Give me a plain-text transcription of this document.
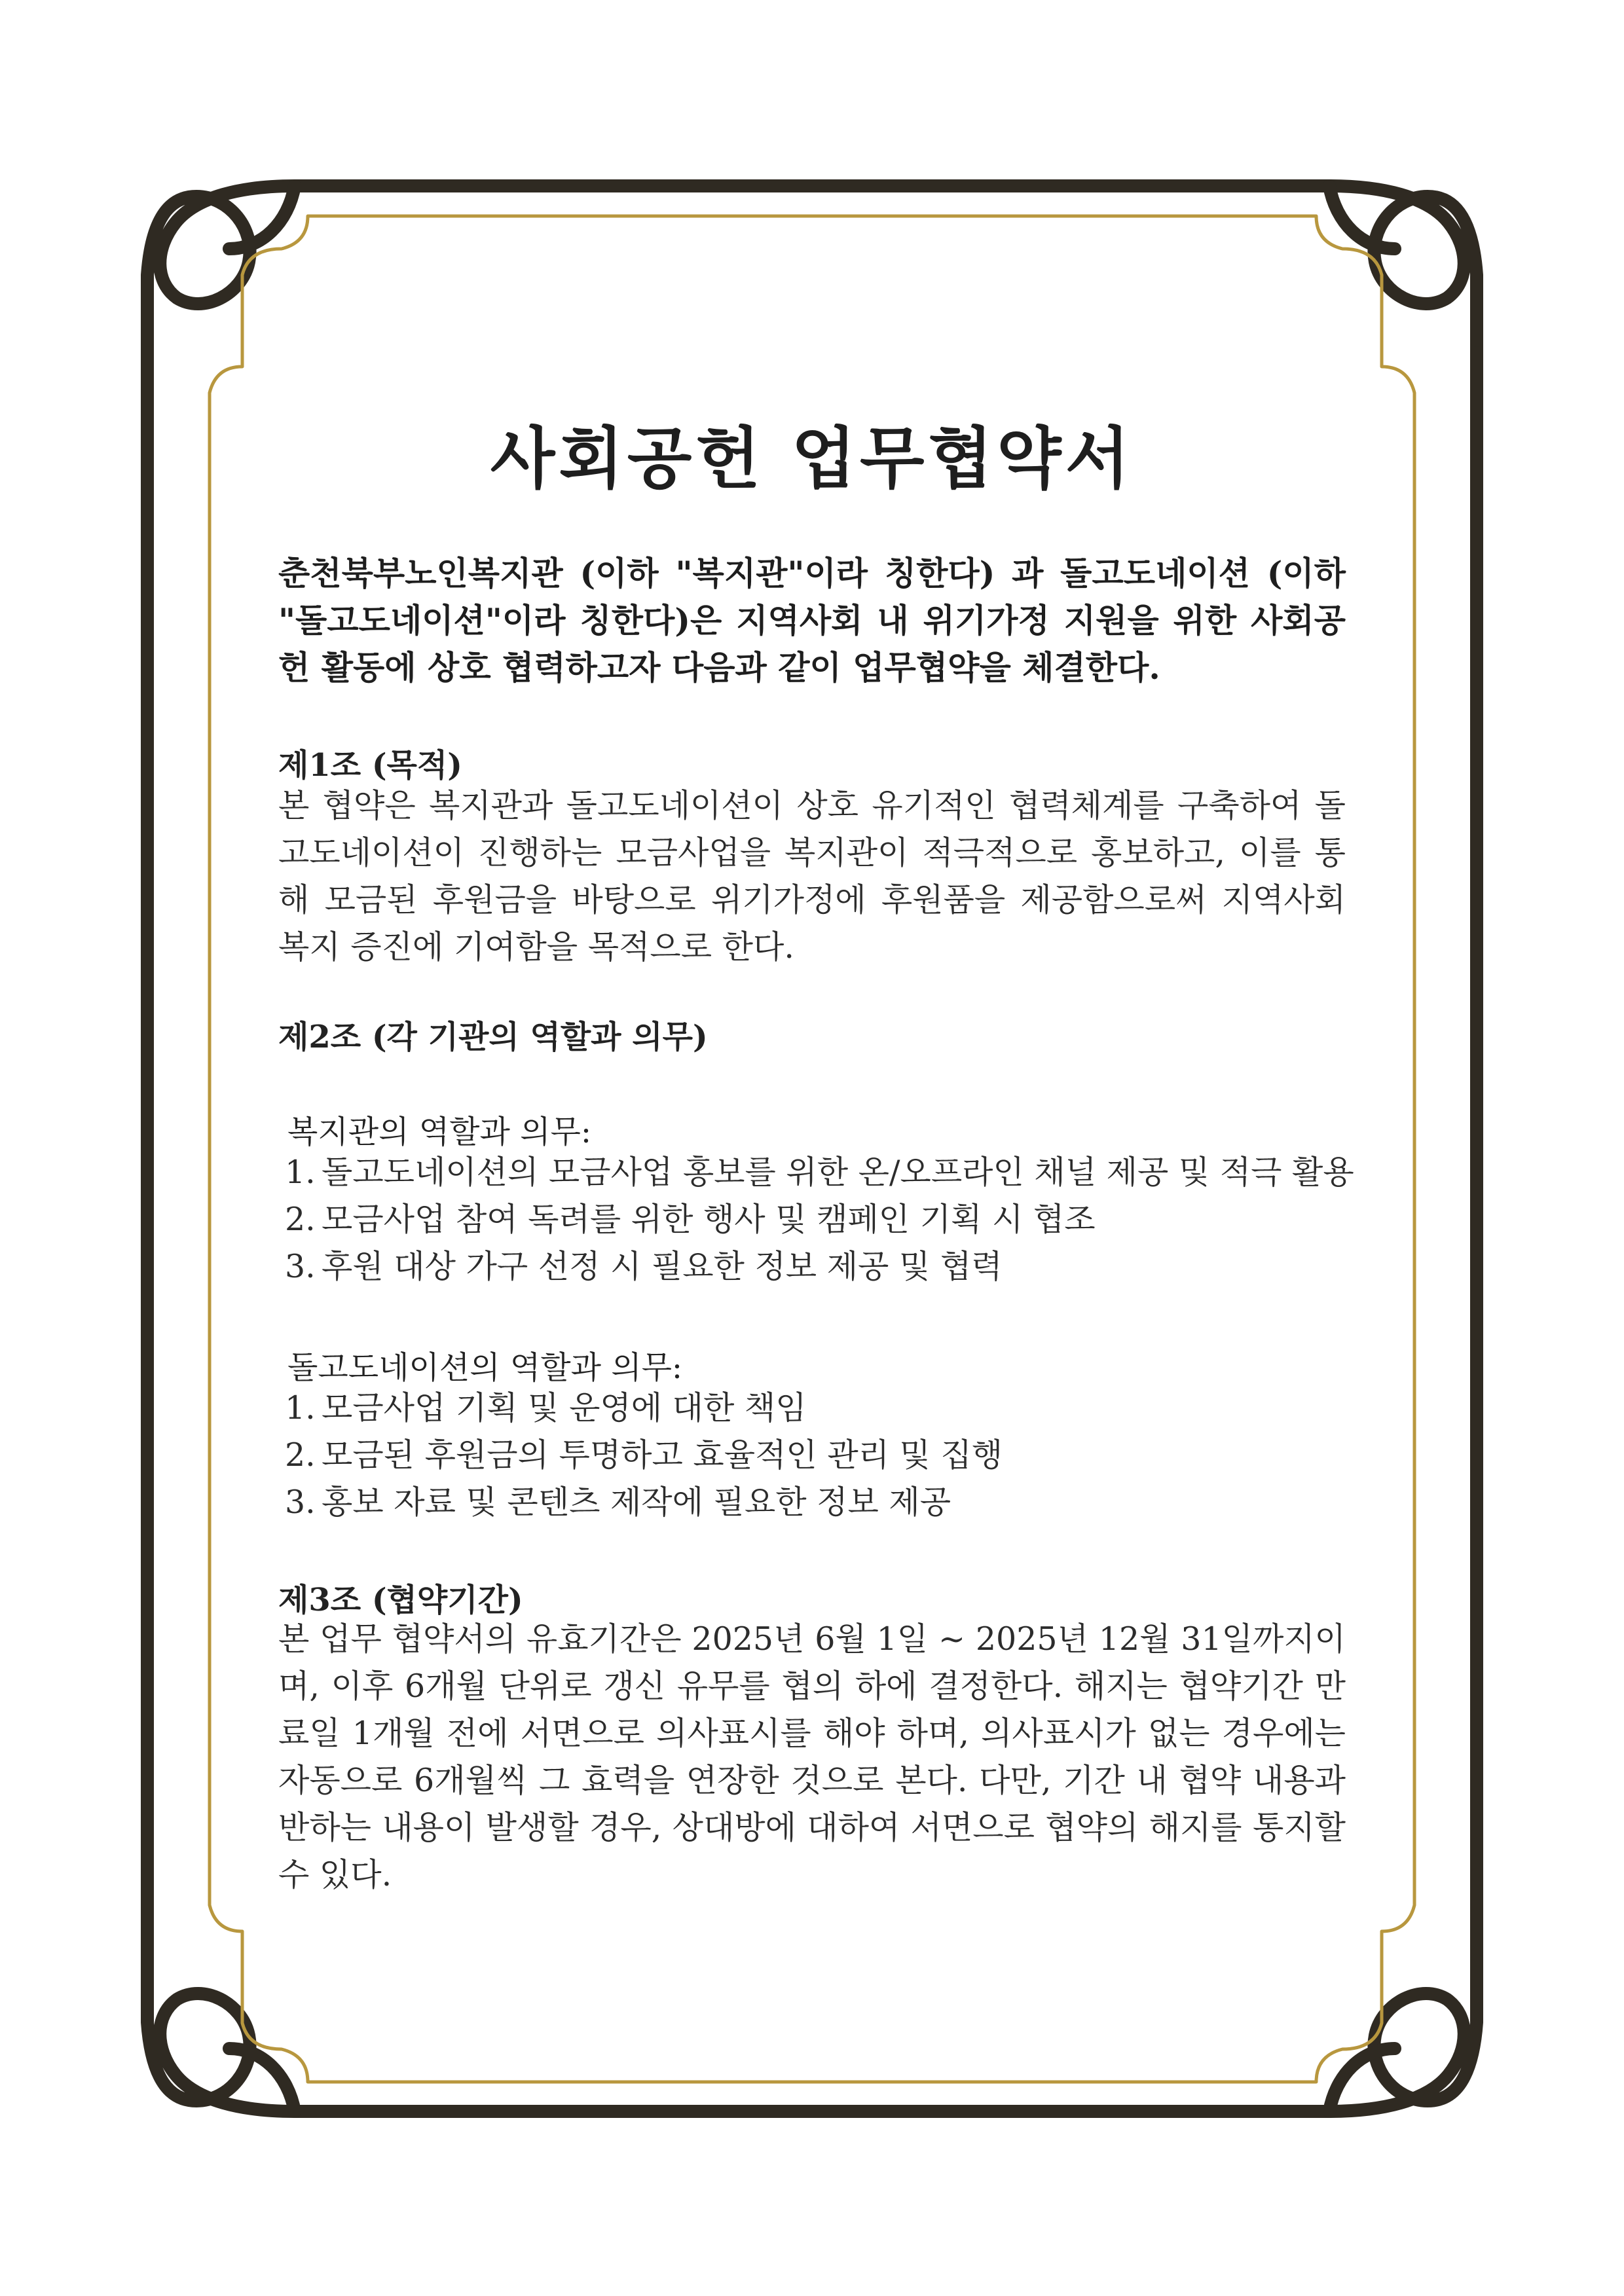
사회공헌 업무협약서

춘천북부노인복지관 (이하 "복지관"이라 칭한다) 과 돌고도네이션 (이하 "돌고도네이션"이라 칭한다)은 지역사회 내 위기가정 지원을 위한 사회공헌 활동에 상호 협력하고자 다음과 같이 업무협약을 체결한다.

제1조 (목적)

본 협약은 복지관과 돌고도네이션이 상호 유기적인 협력체계를 구축하여 돌고도네이션이 진행하는 모금사업을 복지관이 적극적으로 홍보하고, 이를 통해 모금된 후원금을 바탕으로 위기가정에 후원품을 제공함으로써 지역사회 복지 증진에 기여함을 목적으로 한다.

제2조 (각 기관의 역할과 의무)
복지관의 역할과 의무:
1. 돌고도네이션의 모금사업 홍보를 위한 온/오프라인 채널 제공 및 적극 활용
2. 모금사업 참여 독려를 위한 행사 및 캠페인 기획 시 협조
3. 후원 대상 가구 선정 시 필요한 정보 제공 및 협력
돌고도네이션의 역할과 의무:
1. 모금사업 기획 및 운영에 대한 책임
2. 모금된 후원금의 투명하고 효율적인 관리 및 집행
3. 홍보 자료 및 콘텐츠 제작에 필요한 정보 제공
제3조 (협약기간)

본 업무 협약서의 유효기간은 2025년 6월 1일 ~ 2025년 12월 31일까지이며, 이후 6개월 단위로 갱신 유무를 협의 하에 결정한다. 해지는 협약기간 만료일 1개월 전에 서면으로 의사표시를 해야 하며, 의사표시가 없는 경우에는 자동으로 6개월씩 그 효력을 연장한 것으로 본다. 다만, 기간 내 협약 내용과 반하는 내용이 발생할 경우, 상대방에 대하여 서면으로 협약의 해지를 통지할 수 있다.
